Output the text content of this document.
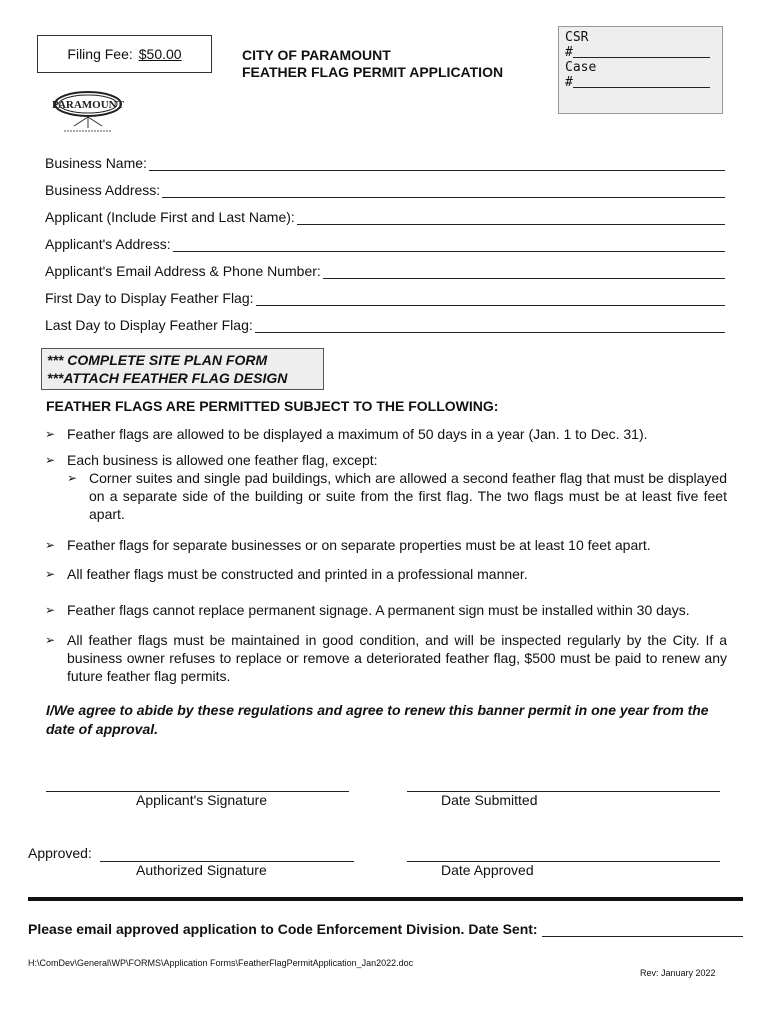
Filing Fee: $50.00	CITY OF PARAMOUNT
FEATHER FLAG PERMIT APPLICATION
CSR
#
Case
#
PARAMOUNT
Business Name:
Business Address:
Applicant (Include First and Last Name):
Applicant's Address:
Applicant's Email Address & Phone Number:
First Day to Display Feather Flag:
Last Day to Display Feather Flag:
*** COMPLETE SITE PLAN FORM
***ATTACH FEATHER FLAG DESIGN
FEATHER FLAGS ARE PERMITTED SUBJECT TO THE FOLLOWING:
➢ Feather flags are allowed to be displayed a maximum of 50 days in a year (Jan. 1 to Dec. 31).
➢ Each business is allowed one feather flag, except:
➢ Corner suites and single pad buildings, which are allowed a second feather flag that must be displayed on a separate side of the building or suite from the first flag. The two flags must be at least five feet apart.
➢ Feather flags for separate businesses or on separate properties must be at least 10 feet apart.
➢ All feather flags must be constructed and printed in a professional manner.
➢ Feather flags cannot replace permanent signage. A permanent sign must be installed within 30 days.
➢ All feather flags must be maintained in good condition, and will be inspected regularly by the City. If a business owner refuses to replace or remove a deteriorated feather flag, $500 must be paid to renew any future feather flag permits.
I/We agree to abide by these regulations and agree to renew this banner permit in one year from the date of approval.
Applicant's Signature	Date Submitted
Approved:
Authorized Signature	Date Approved
Please email approved application to Code Enforcement Division. Date Sent:
H:\ComDev\General\WP\FORMS\Application Forms\FeatherFlagPermitApplication_Jan2022.doc
Rev: January 2022
